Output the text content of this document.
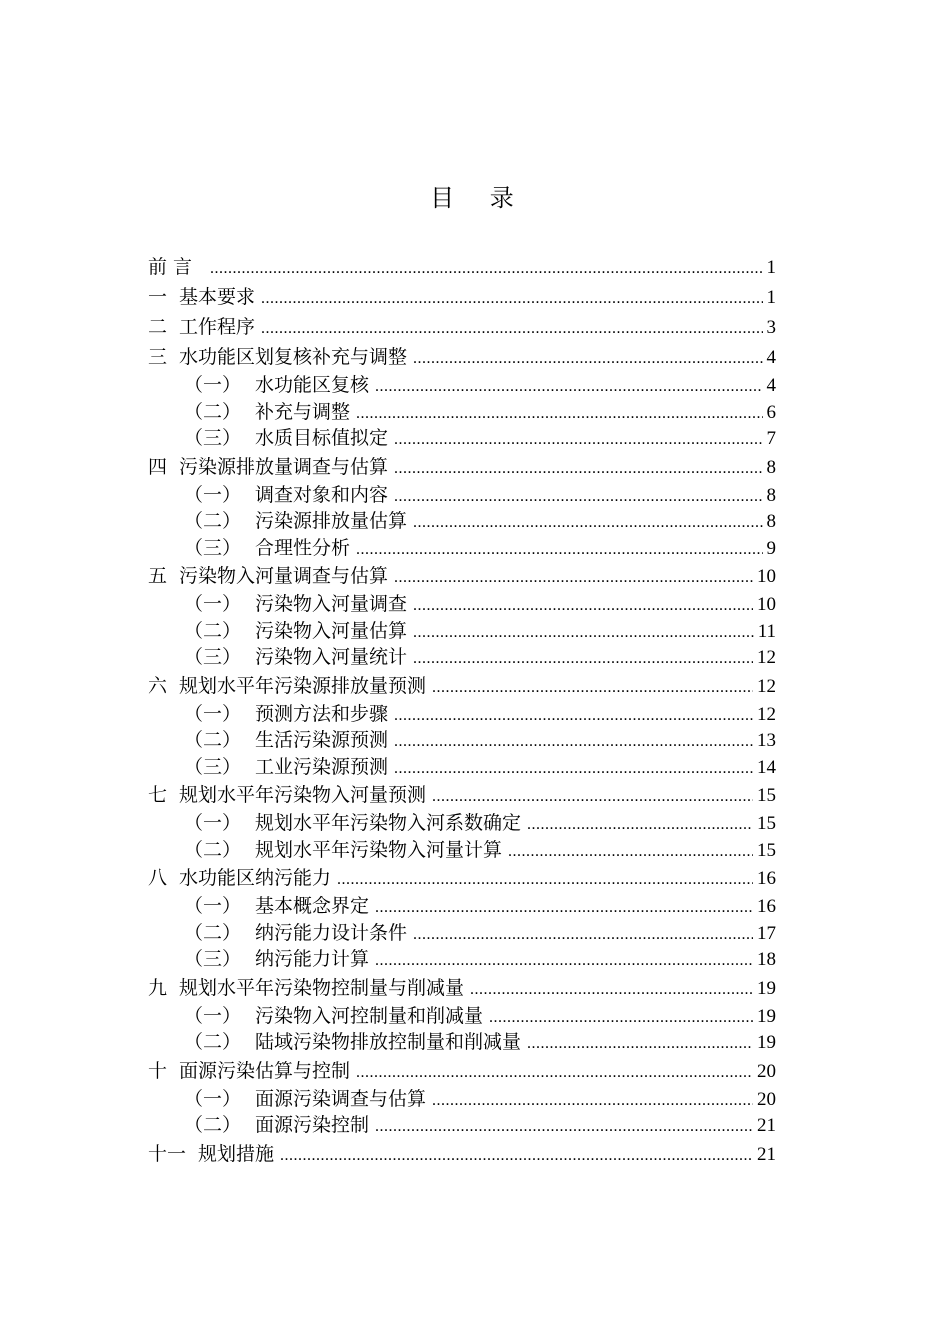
目 录
前 言 .....	1
一 基本要求 .....	1
二 工作程序 .....	3
三 水功能区划复核补充与调整 .....	4
（一） 水功能区复核 .....	4
（二） 补充与调整 .....	6
（三） 水质目标值拟定 .....	7
四 污染源排放量调查与估算 .....	8
（一） 调查对象和内容 .....	8
（二） 污染源排放量估算 .....	8
（三） 合理性分析 .....	9
五 污染物入河量调查与估算 .....	10
（一） 污染物入河量调查 .....	10
（二） 污染物入河量估算 .....	11
（三） 污染物入河量统计 .....	12
六 规划水平年污染源排放量预测 .....	12
（一） 预测方法和步骤 .....	12
（二） 生活污染源预测 .....	13
（三） 工业污染源预测 .....	14
七 规划水平年污染物入河量预测 .....	15
（一） 规划水平年污染物入河系数确定 .....	15
（二） 规划水平年污染物入河量计算 .....	15
八 水功能区纳污能力 .....	16
（一） 基本概念界定 .....	16
（二） 纳污能力设计条件 .....	17
（三） 纳污能力计算 .....	18
九 规划水平年污染物控制量与削减量 .....	19
（一） 污染物入河控制量和削减量 .....	19
（二） 陆域污染物排放控制量和削减量 .....	19
十 面源污染估算与控制 .....	20
（一） 面源污染调查与估算 .....	20
（二） 面源污染控制 .....	21
十一 规划措施 .....	21
